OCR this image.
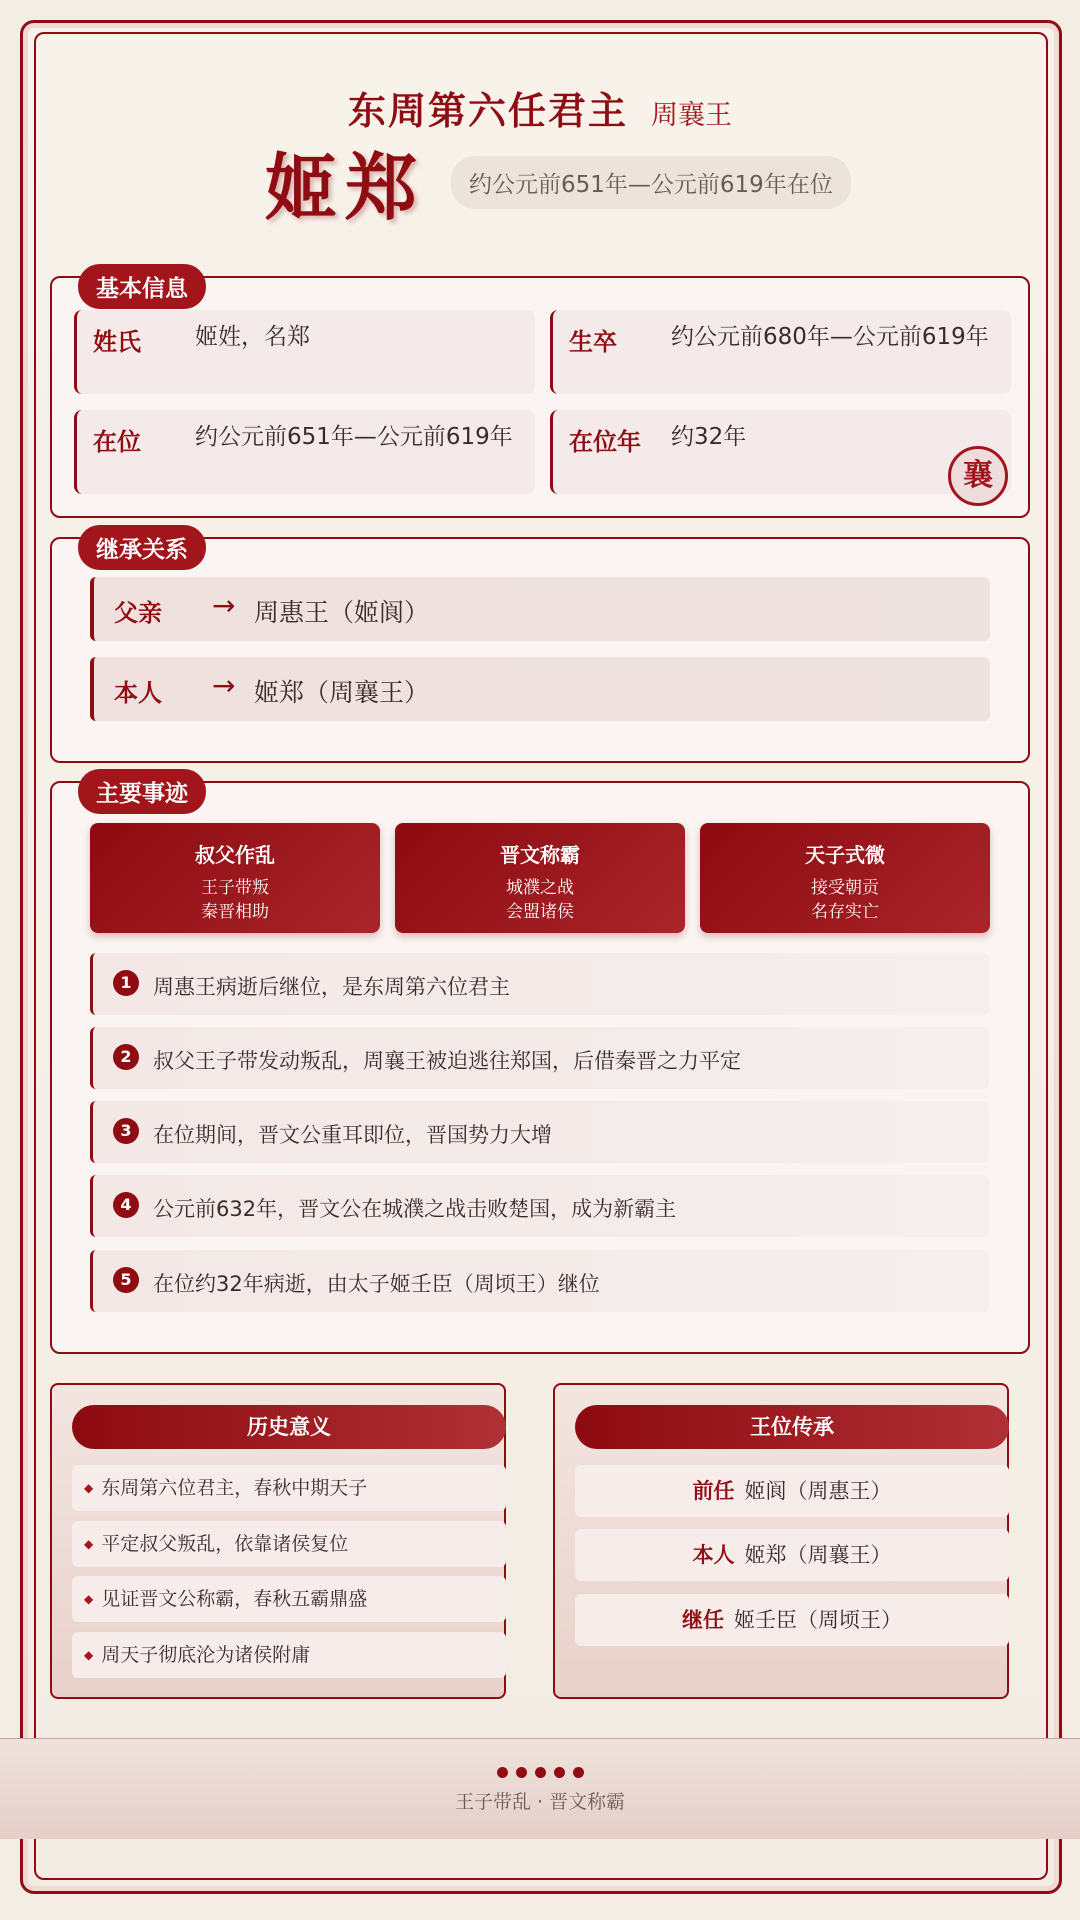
东周第六任君主 周襄王
姬郑	约公元前651年—公元前619年在位
基本信息
姓氏 姬姓，名郑	生卒 约公元前680年—公元前619年
在位 约公元前651年—公元前619年 在位年 约32年
襄
继承关系
父亲 → 周惠王（姬阆）
本人 → 姬郑（周襄王）
主要事迹
叔父作乱
王子带叛
秦晋相助
晋文称霸
城濮之战
会盟诸侯
天子式微
接受朝贡
名存实亡
1	周惠王病逝后继位，是东周第六位君主
2	叔父王子带发动叛乱，周襄王被迫逃往郑国，后借秦晋之力平定
3	在位期间，晋文公重耳即位，晋国势力大增
4	公元前632年，晋文公在城濮之战击败楚国，成为新霸主
5	在位约32年病逝，由太子姬壬臣（周顷王）继位
历史意义
◆ 东周第六位君主，春秋中期天子
◆ 平定叔父叛乱，依靠诸侯复位
◆ 见证晋文公称霸，春秋五霸鼎盛
◆ 周天子彻底沦为诸侯附庸
王位传承
前任 姬阆（周惠王）
本人 姬郑（周襄王）
继任 姬壬臣（周顷王）
王子带乱 · 晋文称霸
